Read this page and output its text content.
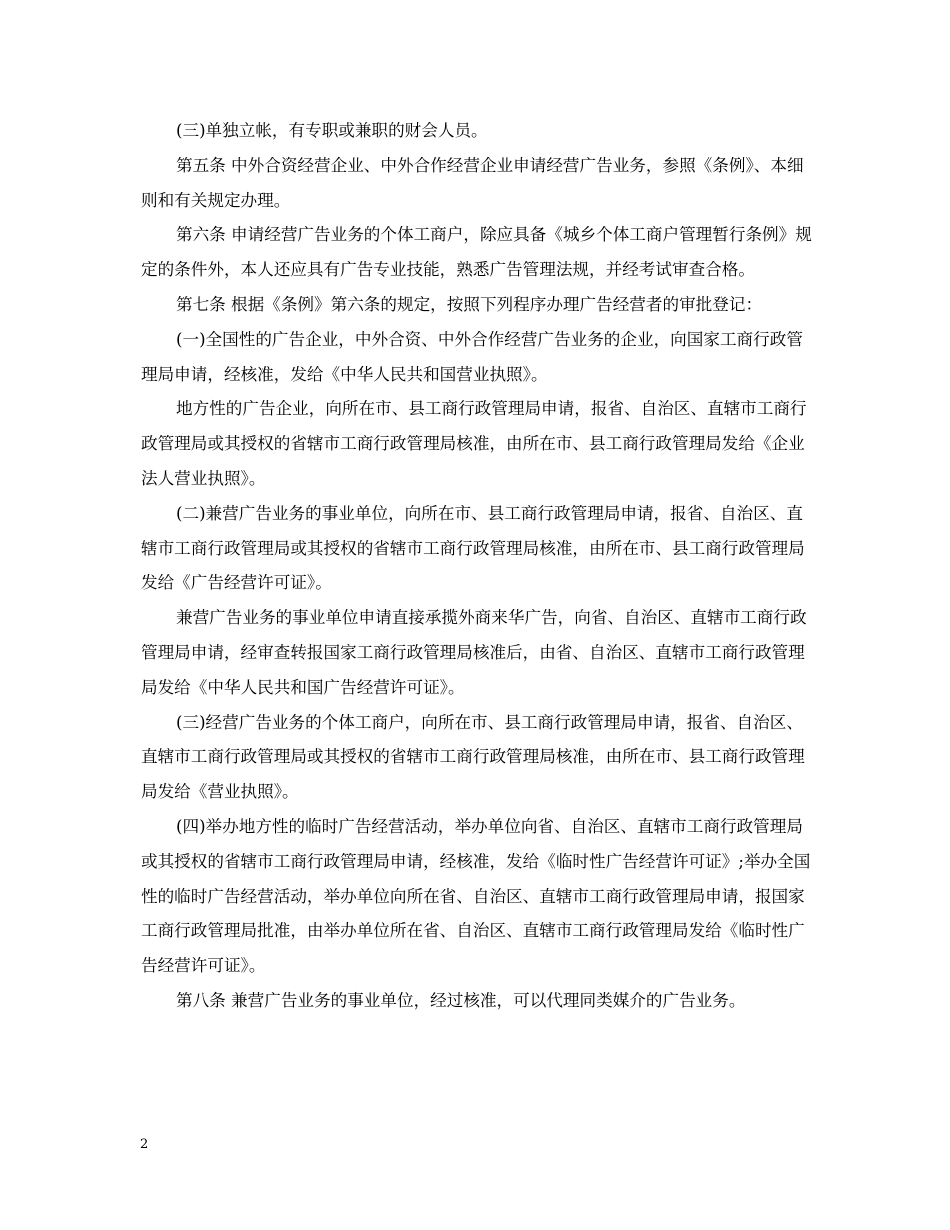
(三)单独立帐，有专职或兼职的财会人员。

第五条 中外合资经营企业、中外合作经营企业申请经营广告业务，参照《条例》、本细则和有关规定办理。

第六条 申请经营广告业务的个体工商户，除应具备《城乡个体工商户管理暂行条例》规定的条件外，本人还应具有广告专业技能，熟悉广告管理法规，并经考试审查合格。

第七条 根据《条例》第六条的规定，按照下列程序办理广告经营者的审批登记：

(一)全国性的广告企业，中外合资、中外合作经营广告业务的企业，向国家工商行政管理局申请，经核准，发给《中华人民共和国营业执照》。

地方性的广告企业，向所在市、县工商行政管理局申请，报省、自治区、直辖市工商行政管理局或其授权的省辖市工商行政管理局核准，由所在市、县工商行政管理局发给《企业法人营业执照》。

(二)兼营广告业务的事业单位，向所在市、县工商行政管理局申请，报省、自治区、直辖市工商行政管理局或其授权的省辖市工商行政管理局核准，由所在市、县工商行政管理局发给《广告经营许可证》。

兼营广告业务的事业单位申请直接承揽外商来华广告，向省、自治区、直辖市工商行政管理局申请，经审查转报国家工商行政管理局核准后，由省、自治区、直辖市工商行政管理局发给《中华人民共和国广告经营许可证》。

(三)经营广告业务的个体工商户，向所在市、县工商行政管理局申请，报省、自治区、直辖市工商行政管理局或其授权的省辖市工商行政管理局核准，由所在市、县工商行政管理局发给《营业执照》。

(四)举办地方性的临时广告经营活动，举办单位向省、自治区、直辖市工商行政管理局或其授权的省辖市工商行政管理局申请，经核准，发给《临时性广告经营许可证》;举办全国性的临时广告经营活动，举办单位向所在省、自治区、直辖市工商行政管理局申请，报国家工商行政管理局批准，由举办单位所在省、自治区、直辖市工商行政管理局发给《临时性广告经营许可证》。

第八条 兼营广告业务的事业单位，经过核准，可以代理同类媒介的广告业务。

2
